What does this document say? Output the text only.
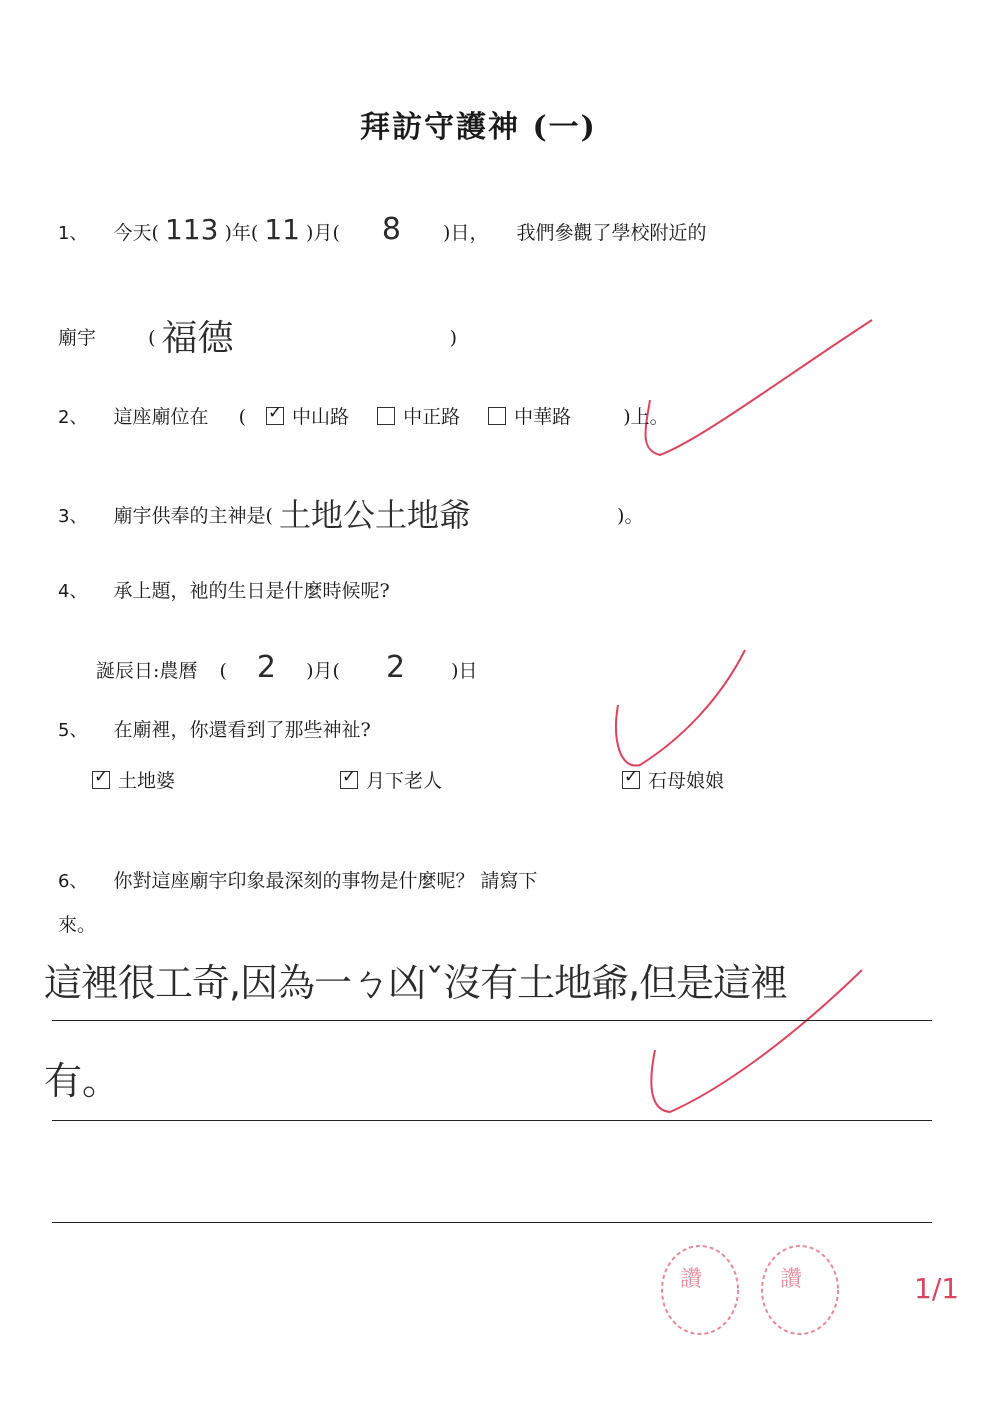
拜訪守護神 (一)
1、 今天( 113 )年( 11 )月( 8 )日， 我們參觀了學校附近的
廟宇	( 福德	)
2、 這座廟位在 ( ✓ 中山路	中正路	中華路	)上。
3、 廟宇供奉的主神是( 土地公土地爺	)。
4、 承上題，祂的生日是什麼時候呢?
誕辰日:農曆 ( 2 )月( 2 )日
5、 在廟裡，你還看到了那些神祉?
✓ 土地婆	✓ 月下老人	✓ 石母娘娘
6、 你對這座廟宇印象最深刻的事物是什麼呢？ 請寫下
來。
這裡很工奇,因為一ㄅ凶ˇ沒有土地爺,但是這裡
有。
讚	讚	1/1
